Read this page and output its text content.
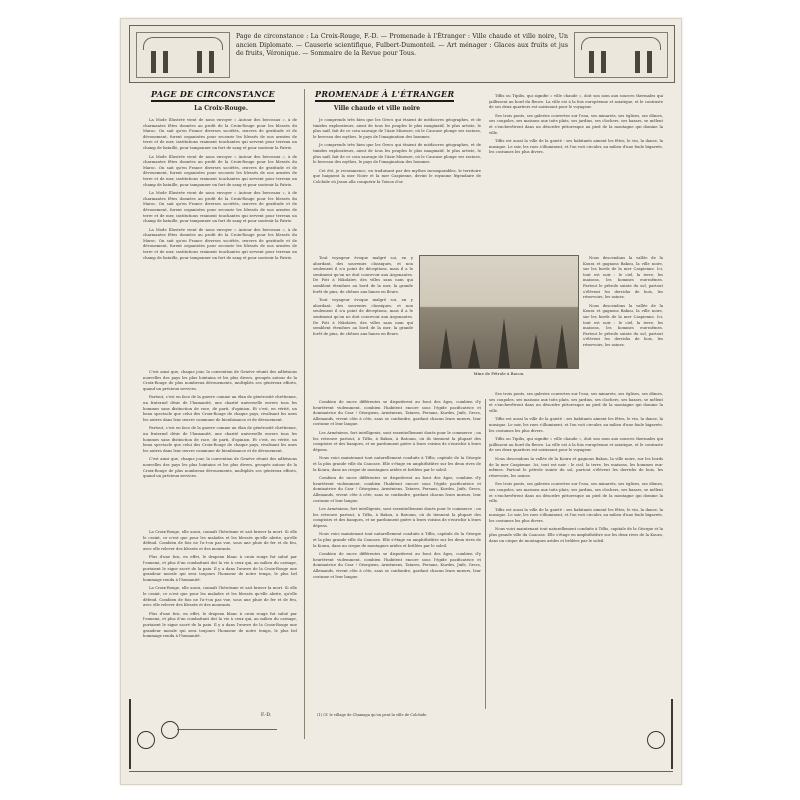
Page de circonstance : La Croix-Rouge, F.-D. — Promenade à l'Étranger : Ville chaude et ville noire, Un ancien Diplomate. — Causerie scientifique, Fulbert-Dumonteil. — Art ménager : Glaces aux fruits et jus de fruits, Véronique. — Sommaire de la Revue pour Tous.
PAGE DE CIRCONSTANCE
La Croix-Rouge.

La Mode Illustrée vient de nous envoyer « Autour des berceaux », à de charmantes fêtes données au profit de la Croix-Rouge pour les blessés du Maroc. On sait qu'en France diverses sociétés, œuvres de gratitude et de dévouement, furent organisées pour secourir les blessés de nos armées de terre et de mer, institutions vraiment touchantes qui servent pour terreau un champ de bataille, pour tamponner un fort de sang et pour soutenir la Patrie.

La Mode Illustrée vient de nous envoyer « Autour des berceaux », à de charmantes fêtes données au profit de la Croix-Rouge pour les blessés du Maroc. On sait qu'en France diverses sociétés, œuvres de gratitude et de dévouement, furent organisées pour secourir les blessés de nos armées de terre et de mer, institutions vraiment touchantes qui servent pour terreau un champ de bataille, pour tamponner un fort de sang et pour soutenir la Patrie.

La Mode Illustrée vient de nous envoyer « Autour des berceaux », à de charmantes fêtes données au profit de la Croix-Rouge pour les blessés du Maroc. On sait qu'en France diverses sociétés, œuvres de gratitude et de dévouement, furent organisées pour secourir les blessés de nos armées de terre et de mer, institutions vraiment touchantes qui servent pour terreau un champ de bataille, pour tamponner un fort de sang et pour soutenir la Patrie.

La Mode Illustrée vient de nous envoyer « Autour des berceaux », à de charmantes fêtes données au profit de la Croix-Rouge pour les blessés du Maroc. On sait qu'en France diverses sociétés, œuvres de gratitude et de dévouement, furent organisées pour secourir les blessés de nos armées de terre et de mer, institutions vraiment touchantes qui servent pour terreau un champ de bataille, pour tamponner un fort de sang et pour soutenir la Patrie.

C'est ainsi que, chaque jour, la convention de Genève réunit des adhésions nouvelles des pays les plus lointains et les plus divers, groupés autour de la Croix-Rouge de plus nombreux dévouements, multipliés ses généreux efforts, quand un précieux services.

Partout, c'est en face de la guerre comme un élan de générosité chrétienne, un fraternel désir de l'humanité, une charité universelle envers tous les hommes sans distinction de race, de parti, d'opinion. Et c'est, en vérité, un beau spectacle que celui des Croix-Rouge de chaque pays, rivalisant les unes les autres dans leur œuvre commune de bienfaisance et de dévouement.

Partout, c'est en face de la guerre comme un élan de générosité chrétienne, un fraternel désir de l'humanité, une charité universelle envers tous les hommes sans distinction de race, de parti, d'opinion. Et c'est, en vérité, un beau spectacle que celui des Croix-Rouge de chaque pays, rivalisant les unes les autres dans leur œuvre commune de bienfaisance et de dévouement.

C'est ainsi que, chaque jour, la convention de Genève réunit des adhésions nouvelles des pays les plus lointains et les plus divers, groupés autour de la Croix-Rouge de plus nombreux dévouements, multipliés ses généreux efforts, quand un précieux services.

La Croix-Rouge, elle aussi, connaît l'héroïsme et sait braver la mort. Si elle le craint, ce n'est que pour les malades et les blessés qu'elle abrite, qu'elle défend. Combien de fois ne l'a-t-on pas vue, sous une pluie de fer et de feu, avec elle relever des blessés et des mourants.

Plus d'une fois, en effet, le drapeau blanc à croix rouge fut salué par l'ennemi, et plus d'un combattant dut la vie à ceux qui, au milieu du carnage, portaient le signe sacré de la paix. Il y a dans l'œuvre de la Croix-Rouge une grandeur morale qui sera toujours l'honneur de notre temps, le plus bel hommage rendu à l'humanité.

La Croix-Rouge, elle aussi, connaît l'héroïsme et sait braver la mort. Si elle le craint, ce n'est que pour les malades et les blessés qu'elle abrite, qu'elle défend. Combien de fois ne l'a-t-on pas vue, sous une pluie de fer et de feu, avec elle relever des blessés et des mourants.

Plus d'une fois, en effet, le drapeau blanc à croix rouge fut salué par l'ennemi, et plus d'un combattant dut la vie à ceux qui, au milieu du carnage, portaient le signe sacré de la paix. Il y a dans l'œuvre de la Croix-Rouge une grandeur morale qui sera toujours l'honneur de notre temps, le plus bel hommage rendu à l'humanité.

F.-D.
PROMENADE À L'ÉTRANGER
Ville chaude et ville noire

Je comprends très bien que les Grecs qui étaient de médiocres géographes, et de timides explorateurs, aient de tous les peuples le plus imaginatif, le plus artiste, le plus naïf, fait de ce coin sauvage de l'Asie Mineure, où le Caucase plonge ses racines, le berceau des mythes, le pays de l'imagination des hommes.

Je comprends très bien que les Grecs qui étaient de médiocres géographes, et de timides explorateurs, aient de tous les peuples le plus imaginatif, le plus artiste, le plus naïf, fait de ce coin sauvage de l'Asie Mineure, où le Caucase plonge ses racines, le berceau des mythes, le pays de l'imagination des hommes.

Cet été, je recommence, en traduisant par des mythes incomparables, le territoire que baignent la mer Noire et la mer Caspienne, devint le royaume légendaire de Colchide où Jason alla conquérir la Toison d'or.

Tiflis ou Tipilis, qui signifie « ville chaude », doit son nom aux sources thermales qui jaillissent au bord du fleuve. La ville est à la fois européenne et asiatique, et le contraste de ses deux quartiers est saisissant pour le voyageur.

Ses trois ponts, ses galeries couvertes sur l'eau, ses minarets, ses églises, ses dômes, ses coupoles, ses maisons aux toits plats, ses jardins, ses clochers, ses bazars, se mêlent et s'enchevêtrent dans un désordre pittoresque au pied de la montagne qui domine la ville.

Tiflis est aussi la ville de la gaieté : ses habitants aiment les fêtes, le vin, la danse, la musique. Le soir, les rues s'illuminent, et l'on voit circuler, au milieu d'une foule bigarrée, les costumes les plus divers.

Tout voyageur évoque malgré soi, en y abordant, des souvenirs classiques, et non seulement il n'a point de déceptions, mais il a le sentiment qu'on ne doit concevoir aux Argonautes. De Poti à Nikolaïev, des villes sans nom qui semblent étendues au bord de la mer, la grande forêt de pins, de chênes aux lianes en fleurs.

Tout voyageur évoque malgré soi, en y abordant, des souvenirs classiques, et non seulement il n'a point de déceptions, mais il a le sentiment qu'on ne doit concevoir aux Argonautes. De Poti à Nikolaïev, des villes sans nom qui semblent étendues au bord de la mer, la grande forêt de pins, de chênes aux lianes en fleurs.

Mine de Pétrole à Bacou.

Nous descendons la vallée de la Koura et gagnons Bakou, la ville noire, sur les bords de la mer Caspienne. Ici, tout est noir : le ciel, la terre, les maisons, les hommes eux-mêmes. Partout le pétrole suinte du sol, partout s'élèvent les derricks de bois, les réservoirs, les usines.

Nous descendons la vallée de la Koura et gagnons Bakou, la ville noire, sur les bords de la mer Caspienne. Ici, tout est noir : le ciel, la terre, les maisons, les hommes eux-mêmes. Partout le pétrole suinte du sol, partout s'élèvent les derricks de bois, les réservoirs, les usines.

Combien de races différentes se disputèrent au bout des âges, combien d'y heurtèrent violemment, combien l'habitent encore sous l'égide pacificatrice et dominatrice du Czar ! Géorgiens, Arméniens, Tatares, Persans, Kurdes, Juifs, Grecs, Allemands, vivent côte à côte, sans se confondre, gardant chacun leurs mœurs, leur costume et leur langue.

Les Arméniens, fort intelligents, sont essentiellement doués pour le commerce ; on les retrouve partout, à Tiflis, à Bakou, à Batoum, où ils tiennent la plupart des comptoirs et des banques, et ne pardonnent guère à leurs voisins de s'enrichir à leurs dépens.

Nous voici maintenant tout naturellement conduits à Tiflis, capitale de la Géorgie et la plus grande ville du Caucase. Elle s'étage en amphithéâtre sur les deux rives de la Koura, dans un cirque de montagnes arides et brûlées par le soleil.

Combien de races différentes se disputèrent au bout des âges, combien d'y heurtèrent violemment, combien l'habitent encore sous l'égide pacificatrice et dominatrice du Czar ! Géorgiens, Arméniens, Tatares, Persans, Kurdes, Juifs, Grecs, Allemands, vivent côte à côte, sans se confondre, gardant chacun leurs mœurs, leur costume et leur langue.

Les Arméniens, fort intelligents, sont essentiellement doués pour le commerce ; on les retrouve partout, à Tiflis, à Bakou, à Batoum, où ils tiennent la plupart des comptoirs et des banques, et ne pardonnent guère à leurs voisins de s'enrichir à leurs dépens.

Nous voici maintenant tout naturellement conduits à Tiflis, capitale de la Géorgie et la plus grande ville du Caucase. Elle s'étage en amphithéâtre sur les deux rives de la Koura, dans un cirque de montagnes arides et brûlées par le soleil.

Combien de races différentes se disputèrent au bout des âges, combien d'y heurtèrent violemment, combien l'habitent encore sous l'égide pacificatrice et dominatrice du Czar ! Géorgiens, Arméniens, Tatares, Persans, Kurdes, Juifs, Grecs, Allemands, vivent côte à côte, sans se confondre, gardant chacun leurs mœurs, leur costume et leur langue.

Ses trois ponts, ses galeries couvertes sur l'eau, ses minarets, ses églises, ses dômes, ses coupoles, ses maisons aux toits plats, ses jardins, ses clochers, ses bazars, se mêlent et s'enchevêtrent dans un désordre pittoresque au pied de la montagne qui domine la ville.

Tiflis est aussi la ville de la gaieté : ses habitants aiment les fêtes, le vin, la danse, la musique. Le soir, les rues s'illuminent, et l'on voit circuler, au milieu d'une foule bigarrée, les costumes les plus divers.

Tiflis ou Tipilis, qui signifie « ville chaude », doit son nom aux sources thermales qui jaillissent au bord du fleuve. La ville est à la fois européenne et asiatique, et le contraste de ses deux quartiers est saisissant pour le voyageur.

Nous descendons la vallée de la Koura et gagnons Bakou, la ville noire, sur les bords de la mer Caspienne. Ici, tout est noir : le ciel, la terre, les maisons, les hommes eux-mêmes. Partout le pétrole suinte du sol, partout s'élèvent les derricks de bois, les réservoirs, les usines.

Ses trois ponts, ses galeries couvertes sur l'eau, ses minarets, ses églises, ses dômes, ses coupoles, ses maisons aux toits plats, ses jardins, ses clochers, ses bazars, se mêlent et s'enchevêtrent dans un désordre pittoresque au pied de la montagne qui domine la ville.

Tiflis est aussi la ville de la gaieté : ses habitants aiment les fêtes, le vin, la danse, la musique. Le soir, les rues s'illuminent, et l'on voit circuler, au milieu d'une foule bigarrée, les costumes les plus divers.

Nous voici maintenant tout naturellement conduits à Tiflis, capitale de la Géorgie et la plus grande ville du Caucase. Elle s'étage en amphithéâtre sur les deux rives de la Koura, dans un cirque de montagnes arides et brûlées par le soleil.

(1) Cf. le village de Chamaga qu'on peut la ville de Colchide.
